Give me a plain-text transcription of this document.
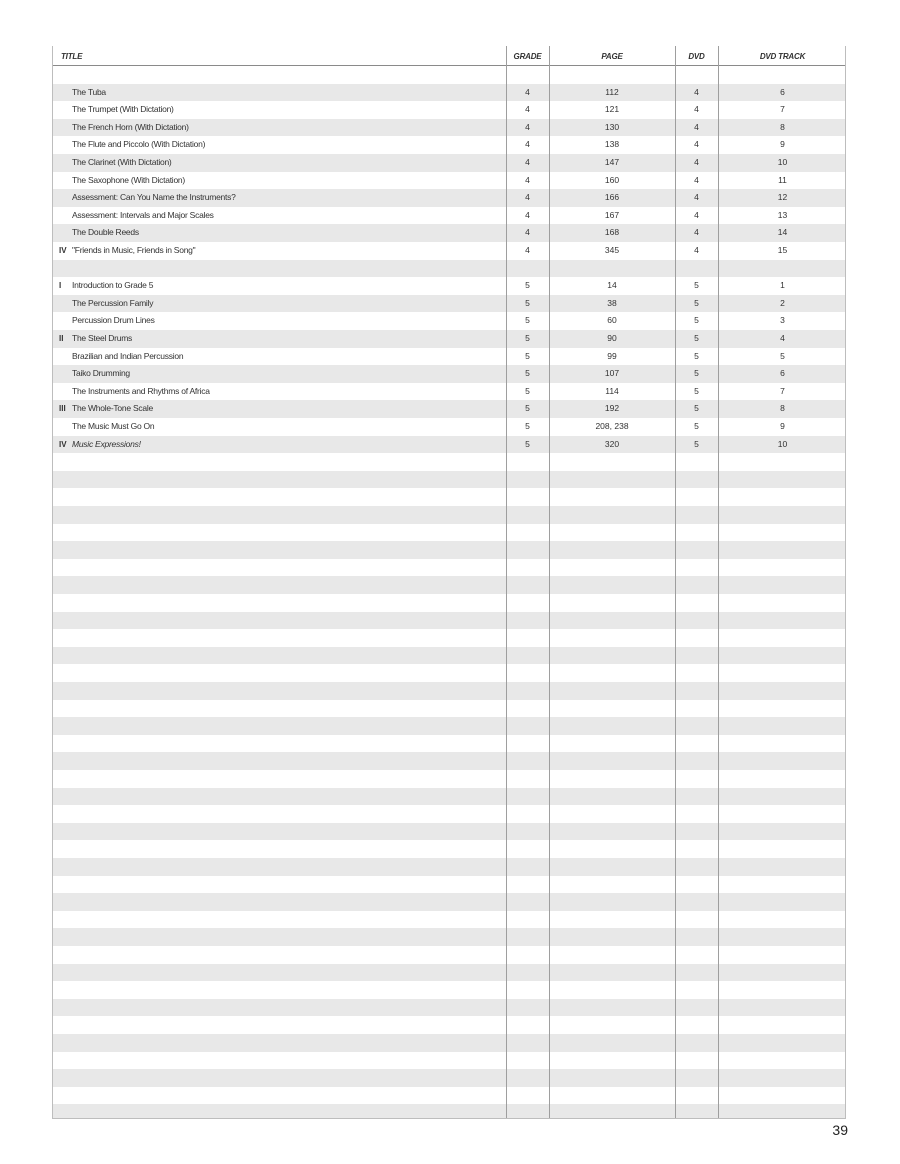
TITLE	GRADE	PAGE	DVD	DVD TRACK
The Tuba	4	112	4	6
The Trumpet (With Dictation)	4	121	4	7
The French Horn (With Dictation)	4	130	4	8
The Flute and Piccolo (With Dictation)	4	138	4	9
The Clarinet (With Dictation)	4	147	4	10
The Saxophone (With Dictation)	4	160	4	11
Assessment: Can You Name the Instruments?	4	166	4	12
Assessment: Intervals and Major Scales	4	167	4	13
The Double Reeds	4	168	4	14
IV "Friends in Music, Friends in Song"	4	345	4	15
I	Introduction to Grade 5	5	14	5	1
The Percussion Family	5	38	5	2
Percussion Drum Lines	5	60	5	3
II	The Steel Drums	5	90	5	4
Brazilian and Indian Percussion	5	99	5	5
Taiko Drumming	5	107	5	6
The Instruments and Rhythms of Africa	5	114	5	7
III The Whole-Tone Scale	5	192	5	8
The Music Must Go On	5	208, 238	5	9
IV Music Expressions!	5	320	5	10
39
